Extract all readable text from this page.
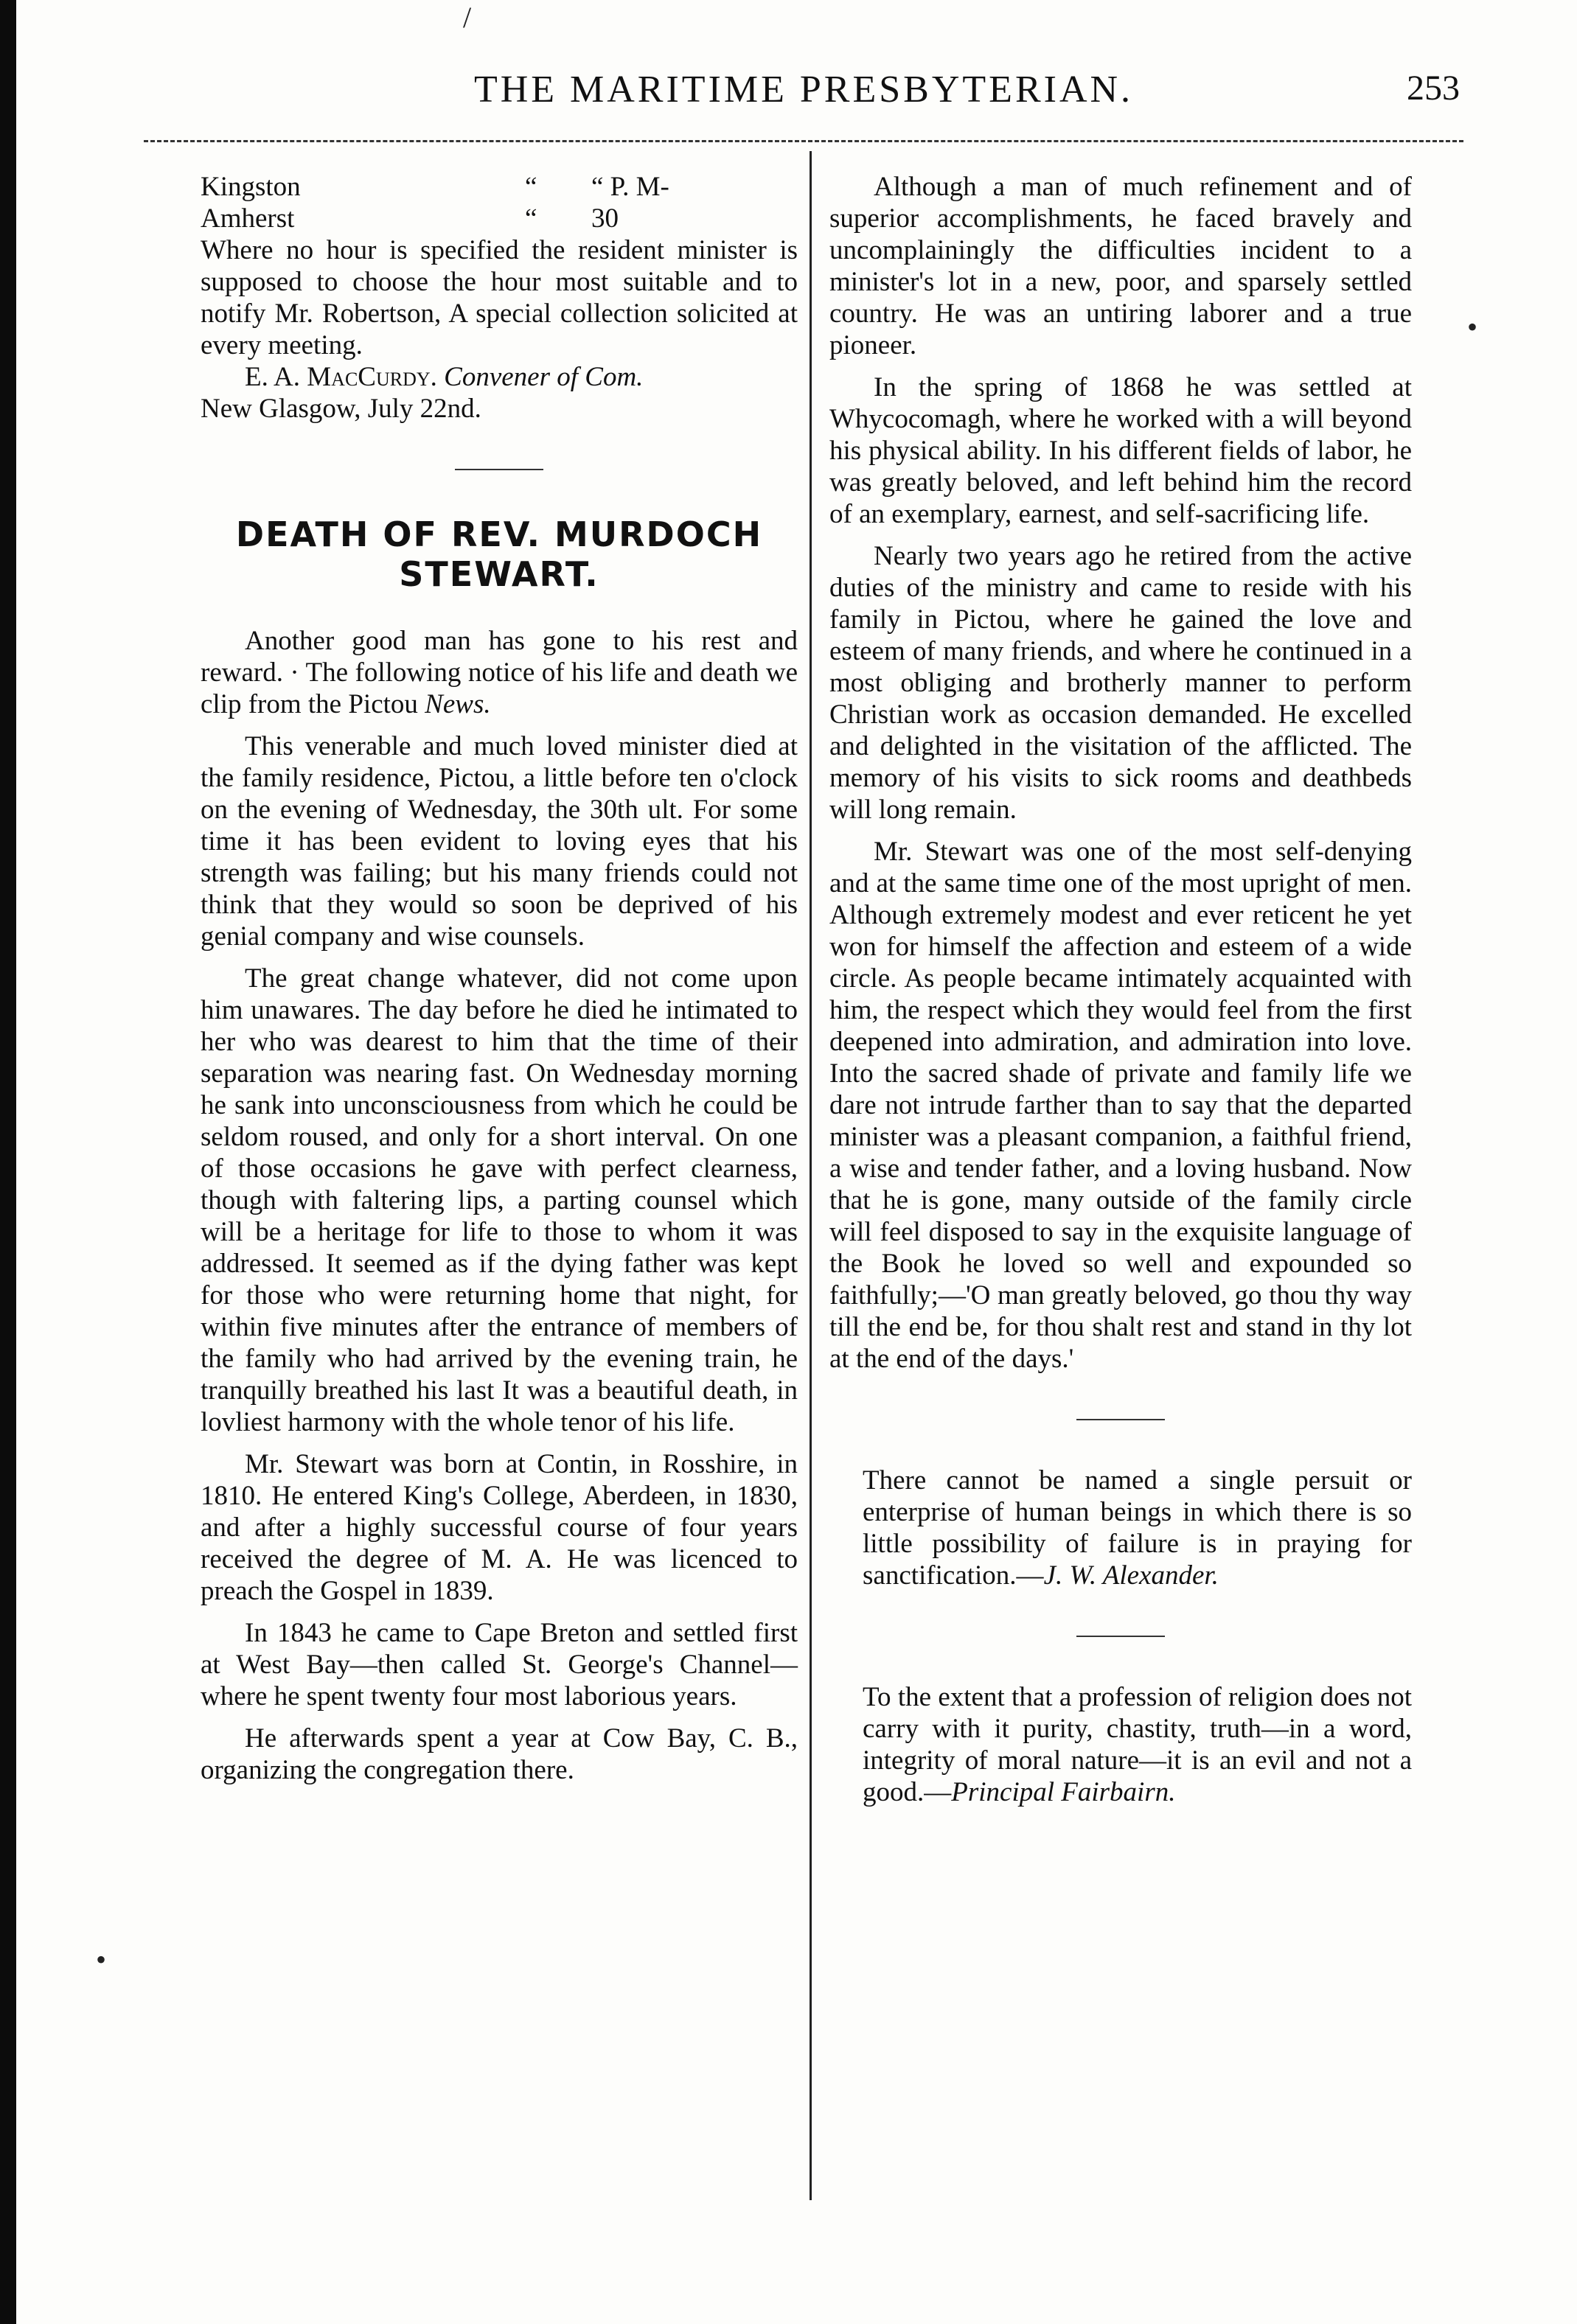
/
•
•
THE MARITIME PRESBYTERIAN.	253
Kingston	“	“ P. M-
Amherst	“	30

Where no hour is specified the resident minister is supposed to choose the hour most suitable and to notify Mr. Robertson, A special collection solicited at every meeting.

E. A. MacCurdy. Convener of Com.
New Glasgow, July 22nd.
DEATH OF REV. MURDOCH STEWART.

Another good man has gone to his rest and reward. · The following notice of his life and death we clip from the Pictou News.

This venerable and much loved minister died at the family residence, Pictou, a little before ten o'clock on the evening of Wednesday, the 30th ult. For some time it has been evident to loving eyes that his strength was failing; but his many friends could not think that they would so soon be deprived of his genial company and wise counsels.

The great change whatever, did not come upon him unawares. The day before he died he intimated to her who was dearest to him that the time of their separation was nearing fast. On Wednesday morning he sank into unconsciousness from which he could be seldom roused, and only for a short interval. On one of those occasions he gave with perfect clearness, though with faltering lips, a parting counsel which will be a heritage for life to those to whom it was addressed. It seemed as if the dying father was kept for those who were returning home that night, for within five minutes after the entrance of members of the family who had arrived by the evening train, he tranquilly breathed his last It was a beautiful death, in lovliest harmony with the whole tenor of his life.

Mr. Stewart was born at Contin, in Rosshire, in 1810. He entered King's College, Aberdeen, in 1830, and after a highly successful course of four years received the degree of M. A. He was licenced to preach the Gospel in 1839.

In 1843 he came to Cape Breton and settled first at West Bay—then called St. George's Channel—where he spent twenty four most laborious years.

He afterwards spent a year at Cow Bay, C. B., organizing the congregation there.

Although a man of much refinement and of superior accomplishments, he faced bravely and uncomplainingly the difficulties incident to a minister's lot in a new, poor, and sparsely settled country. He was an untiring laborer and a true pioneer.

In the spring of 1868 he was settled at Whycocomagh, where he worked with a will beyond his physical ability. In his different fields of labor, he was greatly beloved, and left behind him the record of an exemplary, earnest, and self-sacrificing life.

Nearly two years ago he retired from the active duties of the ministry and came to reside with his family in Pictou, where he gained the love and esteem of many friends, and where he continued in a most obliging and brotherly manner to perform Christian work as occasion demanded. He excelled and delighted in the visitation of the afflicted. The memory of his visits to sick rooms and deathbeds will long remain.

Mr. Stewart was one of the most self-denying and at the same time one of the most upright of men. Although extremely modest and ever reticent he yet won for himself the affection and esteem of a wide circle. As people became intimately acquainted with him, the respect which they would feel from the first deepened into admiration, and admiration into love. Into the sacred shade of private and family life we dare not intrude farther than to say that the departed minister was a pleasant companion, a faithful friend, a wise and tender father, and a loving husband. Now that he is gone, many outside of the family circle will feel disposed to say in the exquisite language of the Book he loved so well and expounded so faithfully;—'O man greatly beloved, go thou thy way till the end be, for thou shalt rest and stand in thy lot at the end of the days.'

There cannot be named a single persuit or enterprise of human beings in which there is so little possibility of failure is in praying for sanctification.—J. W. Alexander.

To the extent that a profession of religion does not carry with it purity, chastity, truth—in a word, integrity of moral nature—it is an evil and not a good.—Principal Fairbairn.
